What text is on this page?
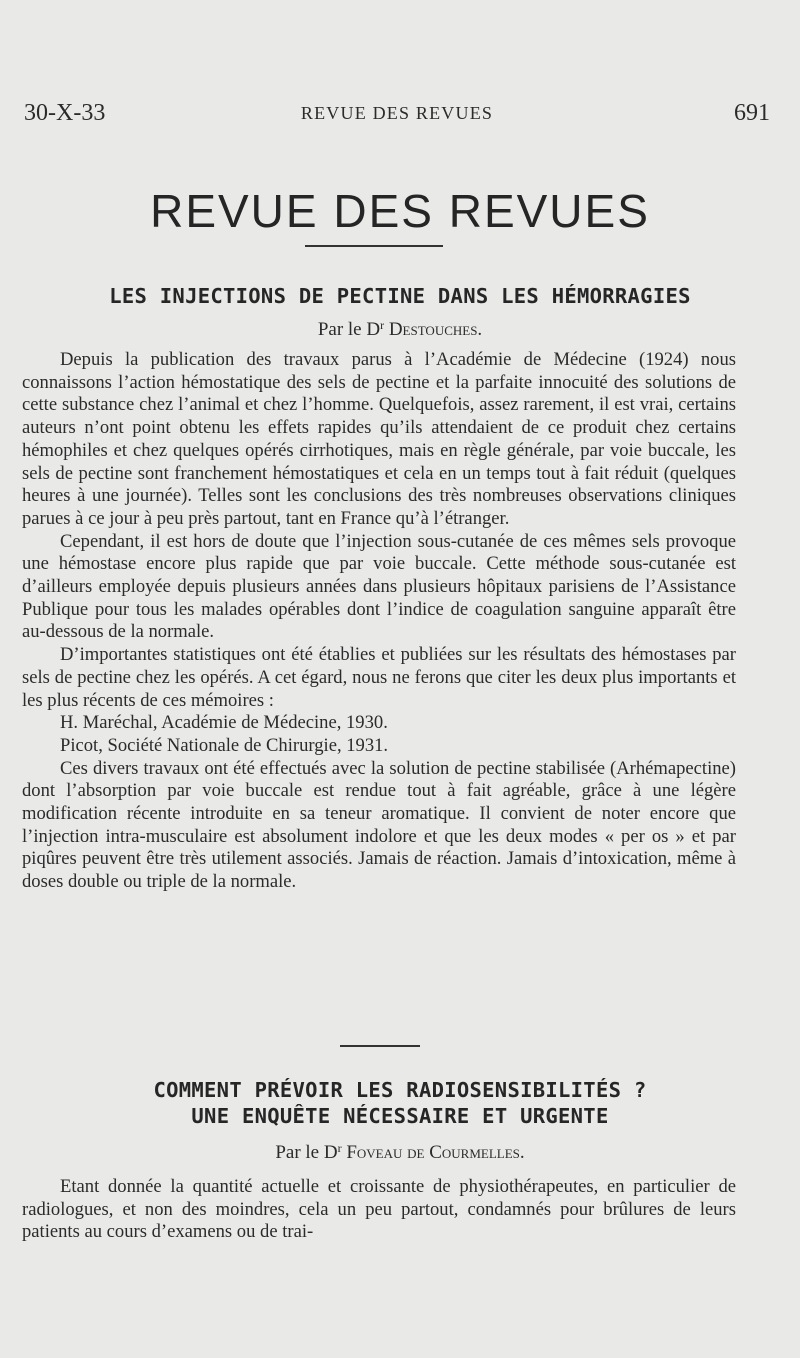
30-X-33	REVUE DES REVUES	691
REVUE DES REVUES
LES INJECTIONS DE PECTINE DANS LES HÉMORRAGIES
Par le $D^r$ Destouches.

Depuis la publication des travaux parus à l’Académie de Médecine (1924) nous connaissons l’action hémostatique des sels de pectine et la parfaite innocuité des solutions de cette substance chez l’animal et chez l’homme. Quelquefois, assez rarement, il est vrai, certains auteurs n’ont point obtenu les effets rapides qu’ils attendaient de ce produit chez certains hémophiles et chez quelques opérés cirrhotiques, mais en règle générale, par voie buccale, les sels de pectine sont franchement hémostatiques et cela en un temps tout à fait réduit (quelques heures à une journée). Telles sont les conclusions des très nombreuses observations cliniques parues à ce jour à peu près partout, tant en France qu’à l’étranger.

Cependant, il est hors de doute que l’injection sous-cutanée de ces mêmes sels provoque une hémostase encore plus rapide que par voie buccale. Cette méthode sous-cutanée est d’ailleurs employée depuis plusieurs années dans plusieurs hôpitaux parisiens de l’Assistance Publique pour tous les malades opérables dont l’indice de coagulation sanguine apparaît être au-dessous de la normale.

D’importantes statistiques ont été établies et publiées sur les résultats des hémostases par sels de pectine chez les opérés. A cet égard, nous ne ferons que citer les deux plus importants et les plus récents de ces mémoires :

H. Maréchal, Académie de Médecine, 1930.

Picot, Société Nationale de Chirurgie, 1931.

Ces divers travaux ont été effectués avec la solution de pectine stabilisée (Arhémapectine) dont l’absorption par voie buccale est rendue tout à fait agréable, grâce à une légère modification récente introduite en sa teneur aromatique. Il convient de noter encore que l’injection intra-musculaire est absolument indolore et que les deux modes « per os » et par piqûres peuvent être très utilement associés. Jamais de réaction. Jamais d’intoxication, même à doses double ou triple de la normale.

COMMENT PRÉVOIR LES RADIOSENSIBILITÉS ?
UNE ENQUÊTE NÉCESSAIRE ET URGENTE
Par le $D^r$ Foveau de Courmelles.

Etant donnée la quantité actuelle et croissante de physiothérapeutes, en particulier de radiologues, et non des moindres, cela un peu partout, condamnés pour brûlures de leurs patients au cours d’examens ou de trai-
